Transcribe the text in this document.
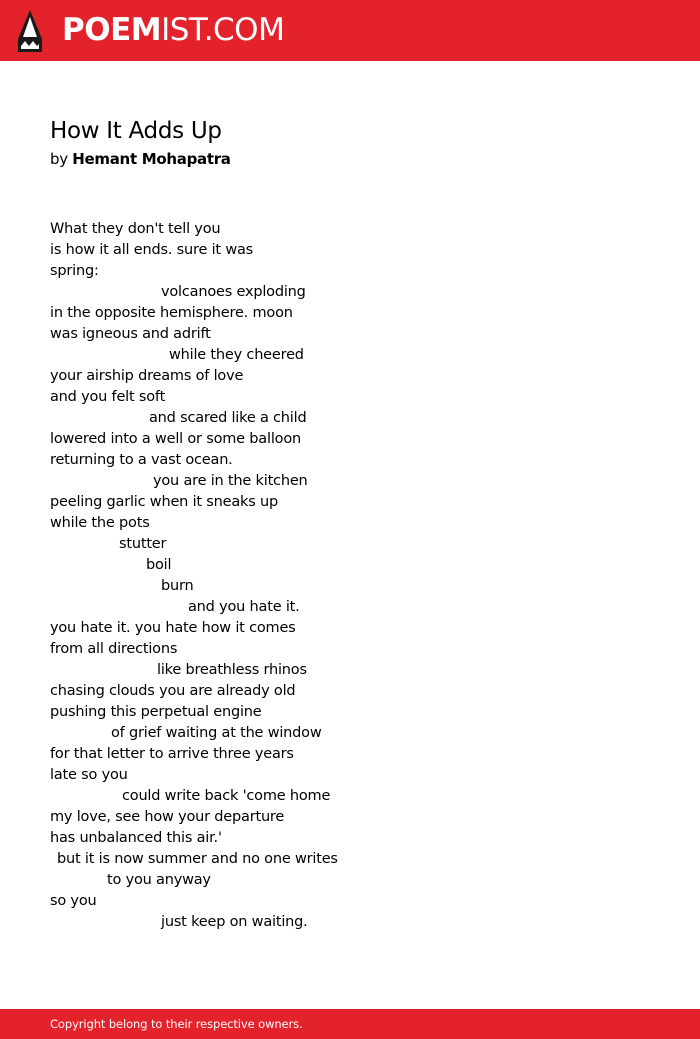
POEMIST.COM
How It Adds Up
by Hemant Mohapatra
What they don't tell you
is how it all ends. sure it was
spring:
volcanoes exploding
in the opposite hemisphere. moon
was igneous and adrift
while they cheered
your airship dreams of love
and you felt soft
and scared like a child
lowered into a well or some balloon
returning to a vast ocean.
you are in the kitchen
peeling garlic when it sneaks up
while the pots
stutter
boil
burn
and you hate it.
you hate it. you hate how it comes
from all directions
like breathless rhinos
chasing clouds you are already old
pushing this perpetual engine
of grief waiting at the window
for that letter to arrive three years
late so you
could write back 'come home
my love, see how your departure
has unbalanced this air.'
but it is now summer and no one writes
to you anyway
so you
just keep on waiting.
Copyright belong to their respective owners.
